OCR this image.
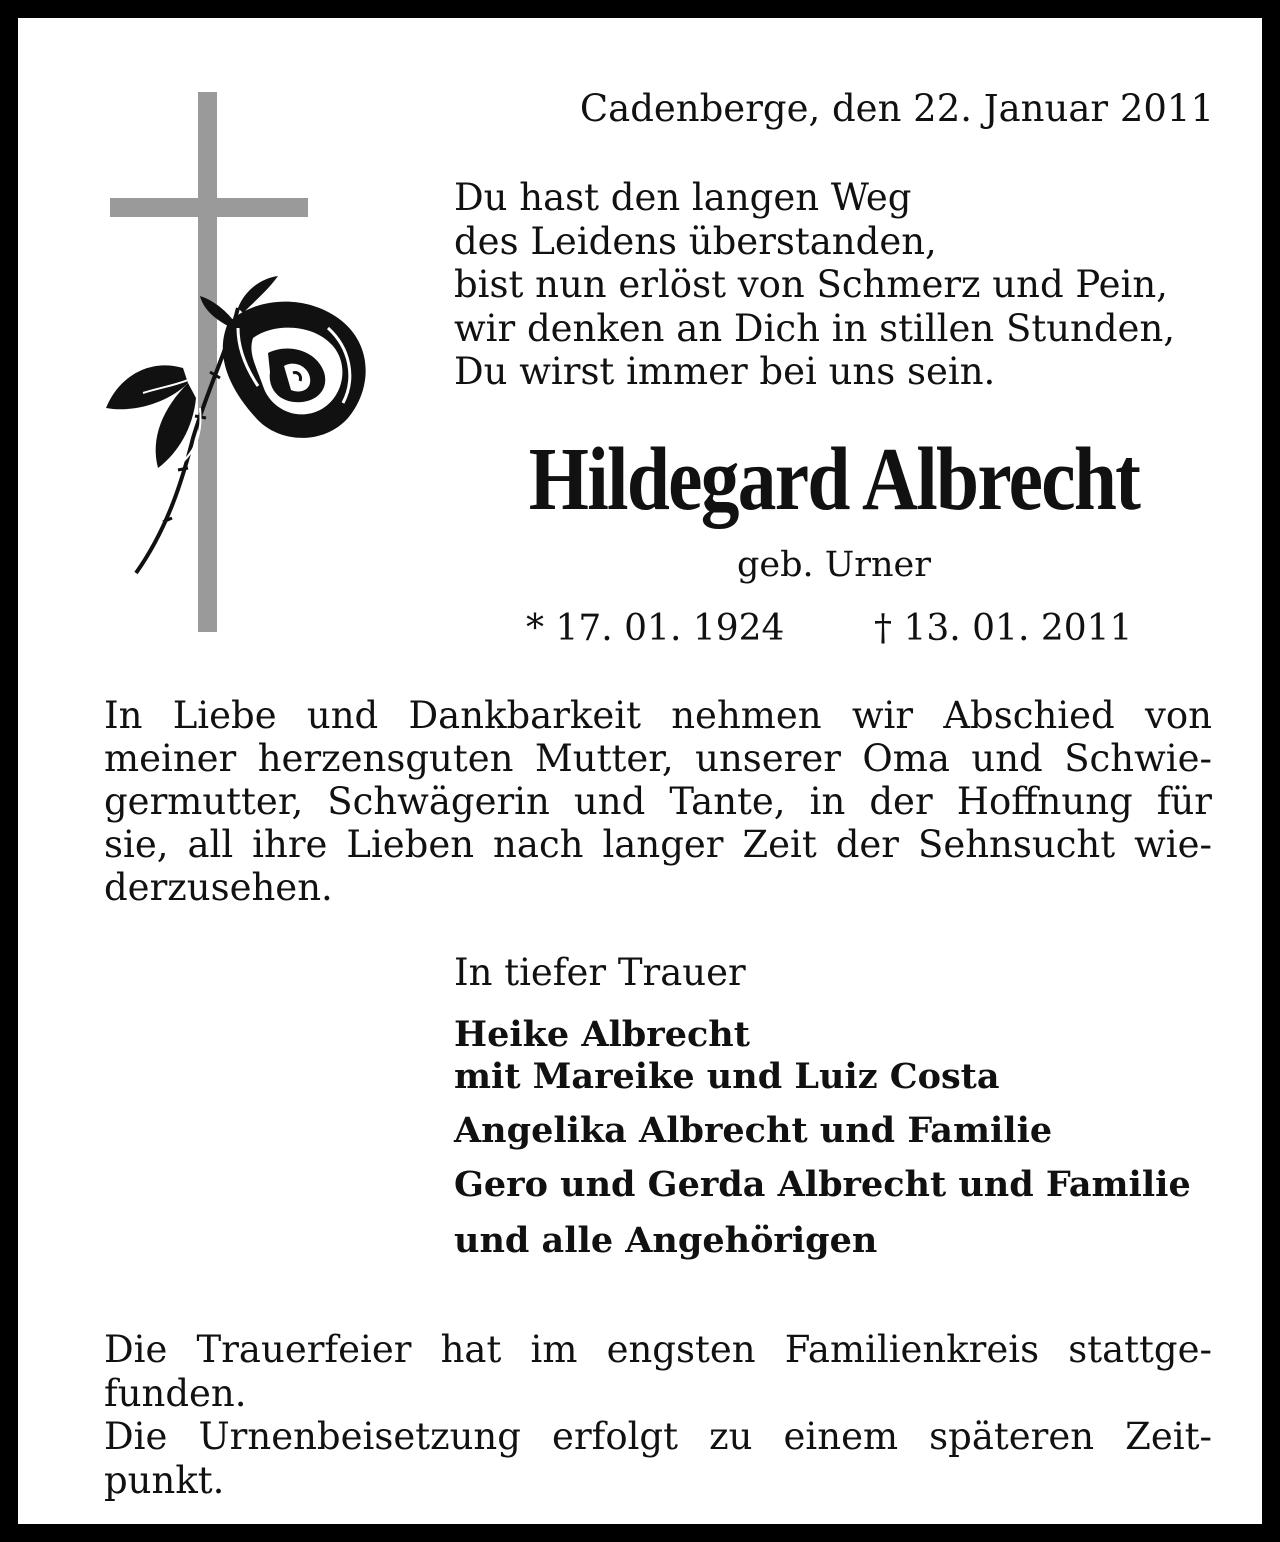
Cadenberge, den 22. Januar 2011
Du hast den langen Weg
des Leidens überstanden,
bist nun erlöst von Schmerz und Pein,
wir denken an Dich in stillen Stunden,
Du wirst immer bei uns sein.
Hildegard Albrecht
geb. Urner
* 17. 01. 1924 † 13. 01. 2011
In Liebe und Dankbarkeit nehmen wir Abschied von
meiner herzensguten Mutter, unserer Oma und Schwie-
germutter, Schwägerin und Tante, in der Hoffnung für
sie, all ihre Lieben nach langer Zeit der Sehnsucht wie-
derzusehen.
In tiefer Trauer
Heike Albrecht
mit Mareike und Luiz Costa
Angelika Albrecht und Familie
Gero und Gerda Albrecht und Familie
und alle Angehörigen
Die Trauerfeier hat im engsten Familienkreis stattge-
funden.
Die Urnenbeisetzung erfolgt zu einem späteren Zeit-
punkt.
